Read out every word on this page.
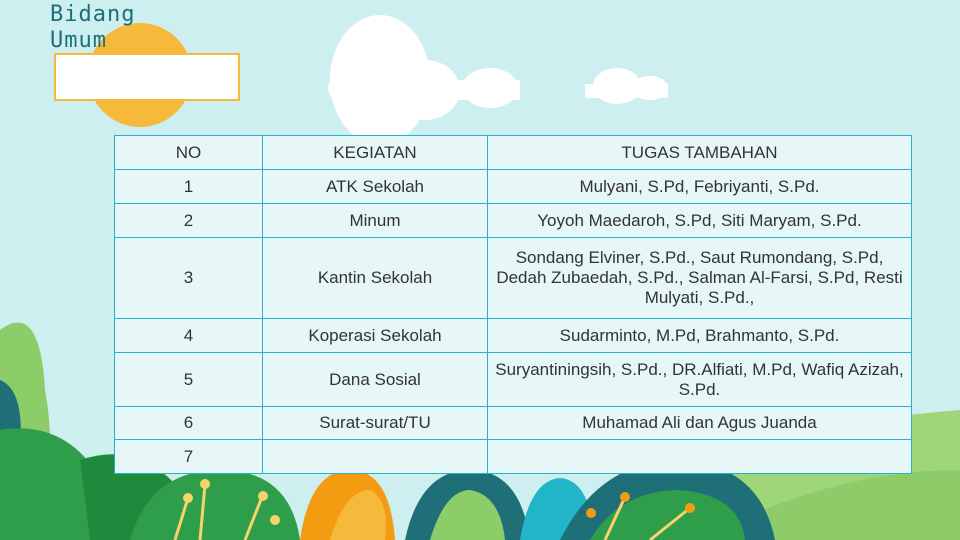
Bidang Umum
NO	KEGIATAN	TUGAS TAMBAHAN
1	ATK Sekolah	Mulyani, S.Pd, Febriyanti, S.Pd.
2	Minum	Yoyoh Maedaroh, S.Pd, Siti Maryam, S.Pd.
3	Kantin Sekolah	Sondang Elviner, S.Pd., Saut Rumondang, S.Pd, Dedah Zubaedah, S.Pd., Salman Al-Farsi, S.Pd, Resti Mulyati, S.Pd.,
4	Koperasi Sekolah	Sudarminto, M.Pd, Brahmanto, S.Pd.
5	Dana Sosial	Suryantiningsih, S.Pd., DR.Alfiati, M.Pd, Wafiq Azizah, S.Pd.
6	Surat-surat/TU	Muhamad Ali dan Agus Juanda
7		
